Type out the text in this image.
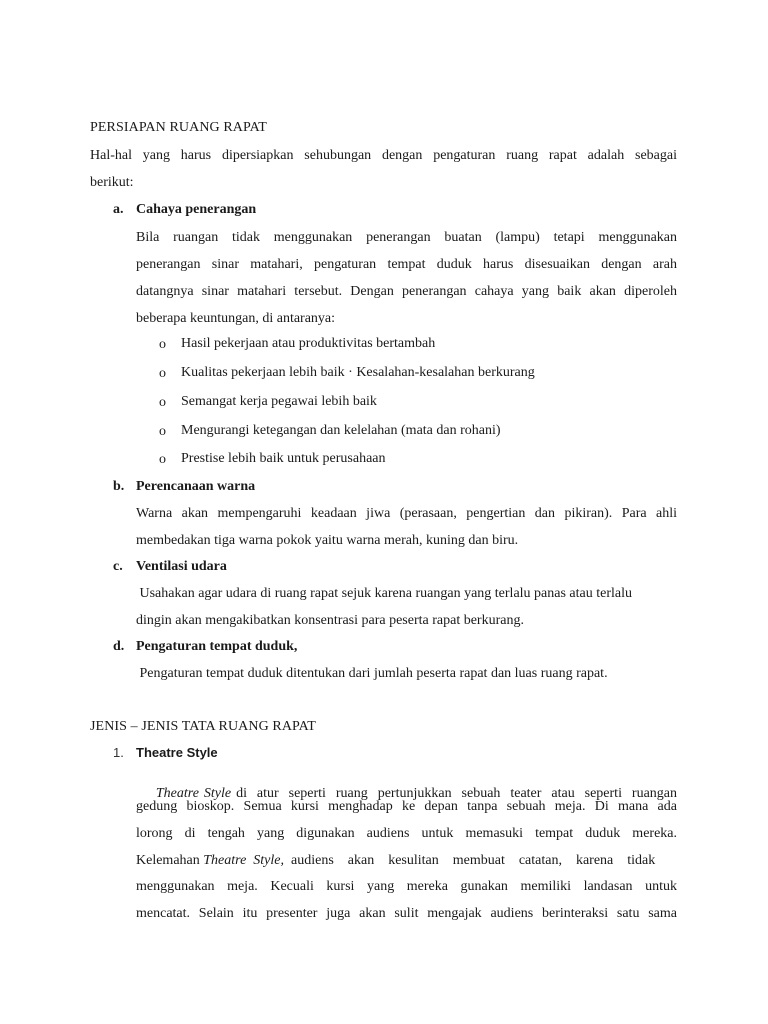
PERSIAPAN RUANG RAPAT
Hal-hal yang harus dipersiapkan sehubungan dengan pengaturan ruang rapat adalah sebagai
berikut:
a. Cahaya penerangan
Bila ruangan tidak menggunakan penerangan buatan (lampu) tetapi menggunakan
penerangan sinar matahari, pengaturan tempat duduk harus disesuaikan dengan arah
datangnya sinar matahari tersebut. Dengan penerangan cahaya yang baik akan diperoleh
beberapa keuntungan, di antaranya:
o Hasil pekerjaan atau produktivitas bertambah
o Kualitas pekerjaan lebih baik · Kesalahan-kesalahan berkurang
o Semangat kerja pegawai lebih baik
o Mengurangi ketegangan dan kelelahan (mata dan rohani)
o Prestise lebih baik untuk perusahaan
b. Perencanaan warna
Warna akan mempengaruhi keadaan jiwa (perasaan, pengertian dan pikiran). Para ahli
membedakan tiga warna pokok yaitu warna merah, kuning dan biru.
c. Ventilasi udara
Usahakan agar udara di ruang rapat sejuk karena ruangan yang terlalu panas atau terlalu
dingin akan mengakibatkan konsentrasi para peserta rapat berkurang.
d. Pengaturan tempat duduk,
Pengaturan tempat duduk ditentukan dari jumlah peserta rapat dan luas ruang rapat.
JENIS – JENIS TATA RUANG RAPAT
1. Theatre Style

Theatre Style di  atur  seperti  ruang  pertunjukkan  sebuah  teater  atau  seperti  ruangan

gedung bioskop. Semua kursi menghadap ke depan tanpa sebuah meja. Di mana ada
lorong di tengah yang digunakan audiens untuk memasuki tempat duduk mereka.
Kelemahan Theatre  Style,  audiens    akan    kesulitan    membuat    catatan,    karena    tidak
menggunakan meja. Kecuali kursi yang mereka gunakan memiliki landasan untuk
mencatat. Selain itu presenter juga akan sulit mengajak audiens berinteraksi satu sama
